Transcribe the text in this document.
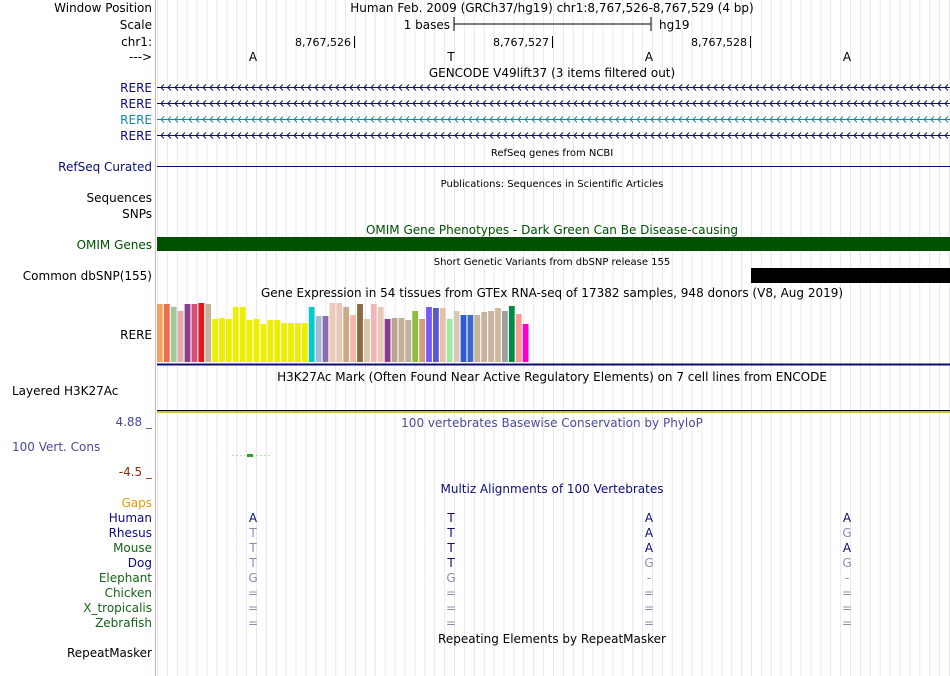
Window Position	Human Feb. 2009 (GRCh37/hg19) chr1:8,767,526-8,767,529 (4 bp)
Scale	1 bases	hg19
chr1:	8,767,526	8,767,527	8,767,528
--->	A	T	A	A
GENCODE V49lift37 (3 items filtered out)
RERE
RERE
RERE
RERE
RefSeq genes from NCBI
RefSeq Curated
Publications: Sequences in Scientific Articles
Sequences
SNPs
OMIM Gene Phenotypes - Dark Green Can Be Disease-causing
OMIM Genes
Short Genetic Variants from dbSNP release 155
Common dbSNP(155)
Gene Expression in 54 tissues from GTEx RNA-seq of 17382 samples, 948 donors (V8, Aug 2019)
RERE
H3K27Ac Mark (Often Found Near Active Regulatory Elements) on 7 cell lines from ENCODE
Layered H3K27Ac
100 vertebrates Basewise Conservation by PhyloP
4.88 _
100 Vert. Cons
-4.5 _
Multiz Alignments of 100 Vertebrates
Gaps
Human	A	T	A	A
Rhesus	T	T	A	G
Mouse	T	T	A	A
Dog	T	T	G	G
Elephant	G	G	-	-
Chicken	=	=	=	=
X_tropicalis	=	=	=	=
Zebrafish	=	=	=	=
Repeating Elements by RepeatMasker
RepeatMasker
